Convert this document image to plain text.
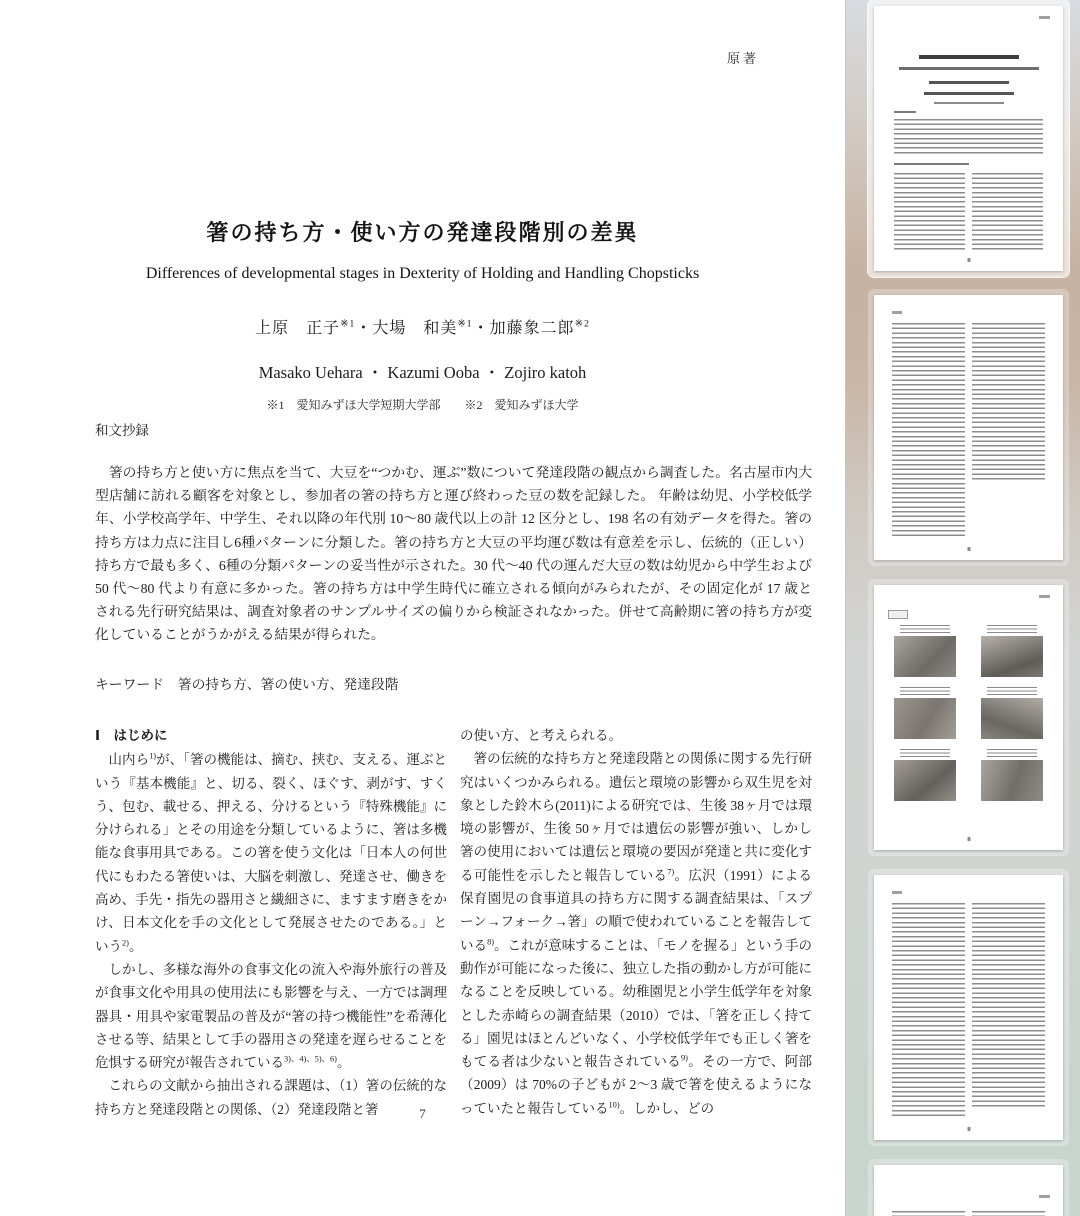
原著
箸の持ち方・使い方の発達段階別の差異
Differences of developmental stages in Dexterity of Holding and Handling Chopsticks
上原　正子$^{※1}$・大場　和美$^{※1}$・加藤象二郎$^{※2}$
Masako Uehara ・ Kazumi Ooba ・ Zojiro katoh
※1　愛知みずほ大学短期大学部　　※2　愛知みずほ大学
和文抄録

　箸の持ち方と使い方に焦点を当て、大豆を“つかむ、運ぶ”数について発達段階の観点から調査した。名古屋市内大型店舗に訪れる顧客を対象とし、参加者の箸の持ち方と運び終わった豆の数を記録した。 年齢は幼児、小学校低学年、小学校高学年、中学生、それ以降の年代別 10〜80 歳代以上の計 12 区分とし、198 名の有効データを得た。箸の持ち方は力点に注目し6種パターンに分類した。箸の持ち方と大豆の平均運び数は有意差を示し、伝統的（正しい）持ち方で最も多く、6種の分類パターンの妥当性が示された。30 代〜40 代の運んだ大豆の数は幼児から中学生および 50 代〜80 代より有意に多かった。箸の持ち方は中学生時代に確立される傾向がみられたが、その固定化が 17 歳とされる先行研究結果は、調査対象者のサンプルサイズの偏りから検証されなかった。併せて高齢期に箸の持ち方が変化していることがうかがえる結果が得られた。

キーワード　箸の持ち方、箸の使い方、発達段階
Ⅰ　はじめに

　山内ら$^{1)}$が、「箸の機能は、摘む、挟む、支える、運ぶという『基本機能』と、切る、裂く、ほぐす、剥がす、すくう、包む、載せる、押える、分けるという『特殊機能』に分けられる」とその用途を分類しているように、箸は多機能な食事用具である。この箸を使う文化は「日本人の何世代にもわたる箸使いは、大脳を刺激し、発達させ、働きを高め、手先・指先の器用さと繊細さに、ますます磨きをかけ、日本文化を手の文化として発展させたのである。」という$^{2)}$。

　しかし、多様な海外の食事文化の流入や海外旅行の普及が食事文化や用具の使用法にも影響を与え、一方では調理器具・用具や家電製品の普及が“箸の持つ機能性”を希薄化させる等、結果として手の器用さの発達を遅らせることを危惧する研究が報告されている$^{3)、4)、5)、6)}$。

　これらの文献から抽出される課題は、（1）箸の伝統的な持ち方と発達段階との関係、（2）発達段階と箸

の使い方、と考えられる。

　箸の伝統的な持ち方と発達段階との関係に関する先行研究はいくつかみられる。遺伝と環境の影響から双生児を対象とした鈴木ら(2011)による研究では、生後 38ヶ月では環境の影響が、生後 50ヶ月では遺伝の影響が強い、しかし箸の使用においては遺伝と環境の要因が発達と共に変化する可能性を示したと報告している$^{7)}$。広沢（1991）による保育園児の食事道具の持ち方に関する調査結果は、「スプーン→フォーク→箸」の順で使われていることを報告している$^{8)}$。これが意味することは、「モノを握る」という手の動作が可能になった後に、独立した指の動かし方が可能になることを反映している。幼稚園児と小学生低学年を対象とした赤崎らの調査結果（2010）では、「箸を正しく持てる」園児はほとんどいなく、小学校低学年でも正しく箸をもてる者は少ないと報告されている$^{9)}$。その一方で、阿部（2009）は 70%の子どもが 2〜3 歳で箸を使えるようになっていたと報告している$^{10)}$。しかし、どの

7
